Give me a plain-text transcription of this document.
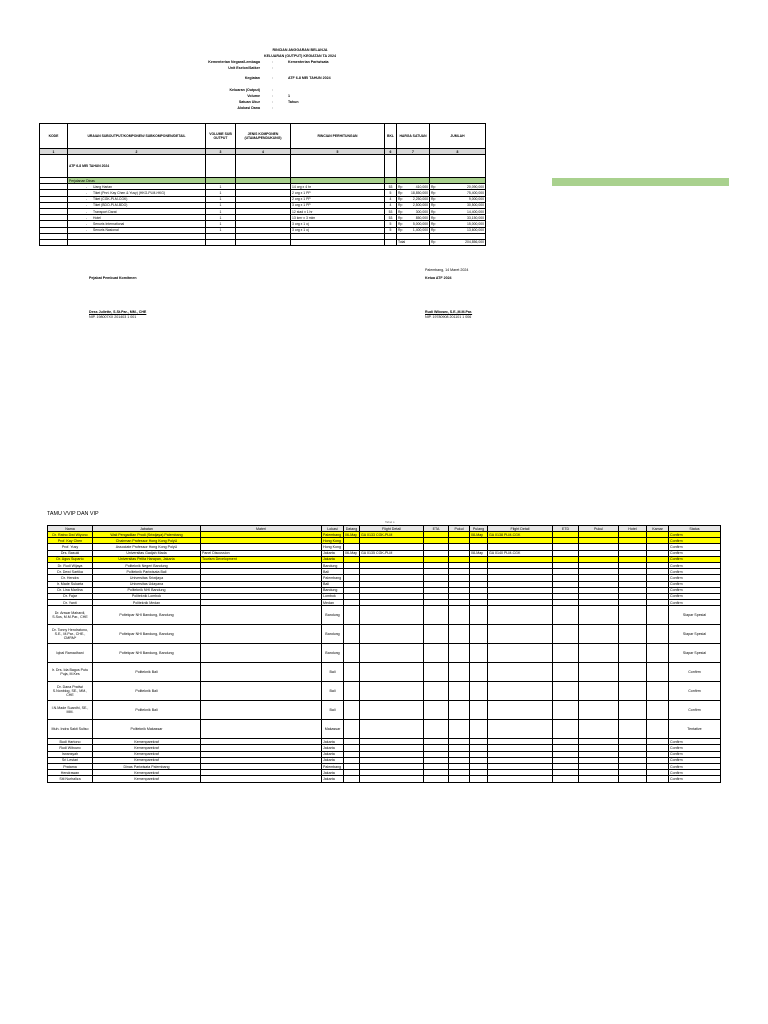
RINCIAN ANGGARAN BELANJA
KELUARAN (OUTPUT) KEGIATAN TA 2024
Kementerian Negara/Lembaga	:	Kementerian Pariwisata
Unit Eselon/Satker	:
Kegiatan	:	ATF 6-8 MEI TAHUN 2024
Keluaran (Output)	:
Volume	:	1
Satuan Ukur	:	Tahun
Alokasi Dana	:
KODE	URAIAN SUBOUTPUT/KOMPONEN/ SUBKOMPONEN/DETAIL	VOLUME SUB OUTPUT	JENIS KOMPONEN (UTAMA/PENDUKUNG)	RINCIAN PERHITUNGAN	BKL	HARGA SATUAN	JUMLAH
1	2	3	4	5	6	7	8
	ATF 6-8 MEI TAHUN 2024						
	Perjalanan Dinas						
	- Uang Harian	1		14 org x 4 hr	53	Rp 410,000	Rp 20,090,000

	- Tiket (Pnrt. Kay Chen & Yusy) (HKG-PLM-HKG)	1		2 org x 1 PP	5	Rp 18,850,000	Rp 75,400,000

	- Tiket (CGK-PLM-CGK)	1		2 org x 1 PP	4	Rp 2,250,000	Rp 9,000,000

	- Tiket (BDO-PLM-BDO)	1		3 org x 1 PP	4	Rp 2,500,000	Rp 30,500,000

	- Transport Darat	1		12 stad x 1 hr	53	Rp 300,000	Rp 14,400,000

	- Hotel	1		13 kmr x 3 mlm	53	Rp 850,000	Rp 33,150,000

	- Senuris International	1		3 org x 1 oj	5	Rp 5,000,000	Rp 15,000,000

	- Senuris Nasional	1		3 org x 1 oj	5	Rp 1,400,000	Rp 13,600,000

						Total	Rp 204,856,000
Palembang, 14 Maret 2024
Pejabat Pembuat Komitmen	Ketua ATF 2024
Dess Juliette, S.St.Par., MM., CHE
NIP. 198007XX 201403 1 001
Rudi Wibowo, S.E.,M.M.Par.
NIP. 19780908 201101 1 006
TAMU VVIP DAN VIP
Tabel s
Nama	Jabatan	Materi	Lokasi	Datang	Flight Detail	ETA	Pukul	Pulang	Flight Detail	ETD	Pukul	Hotel	Kamar	Status
Dr. Ratno Dwi Wiyono	Wali Pengadilan Prodi (Sriwijaya) Palembang		Palembang	06-May	GA 0133 CGK-PLM			08-May	GA 0138 PLM-CGK					Confirm
Prof. Kay Chen	Chairman Professor Hong Kong PolyU		Hong Kong											Confirm
Prof. Yusy	Associate Professor Hong Kong PolyU		Hong Kong											Confirm
Drs. Basuki	Universitas Gadjah Mada	Panel Discussion	Jakarta	06-May	GA 0135 CGK-PLM			08-May	GA 0140 PLM-CGK					Confirm
Dr. Agus Suparto	Universitas Pelita Harapan, Jakarta	Tourism Development	Jakarta											Confirm
Dr. Rudi Wijaya	Politeknik Negeri Bandung		Bandung											Confirm
Dr. Dewi Sartika	Politeknik Pariwisata Bali		Bali											Confirm
Dr. Hendra	Universitas Sriwijaya		Palembang											Confirm
Ir. Made Sukarta	Universitas Udayana		Bali											Confirm
Dr. Lina Marlina	Politeknik NHI Bandung		Bandung											Confirm
Dr. Fajar	Politeknik Lombok		Lombok											Confirm
Dr. Yanti	Politeknik Medan		Medan											Confirm
Dr. Anwar Mahardi, S.Sos, M.M.Par., CHE	Poltekpar NHI Bandung, Bandung		Bandung											Siapar Spesial
Dr. Tonny Hendratono, S.E., M.Par., CHE., CMRM*	Poltekpar NHI Bandung, Bandung		Bandung											Siapar Spesial
Iqbal Ramadhani	Poltekpar NHI Bandung, Bandung		Bandung											Siapar Spesial
Ir. Drs. Ida Bagus Putu Puja, M.Kes	Politeknik Bali		Bali											Confirm
Dr. Dana Pratiwi S.Nonblog, SE., MM., CHE	Politeknik Bali		Bali											Confirm
I.N.Made Suardhi, SE., MM.	Politeknik Bali		Bali											Confirm
Muh. Indra Sakti Suliso	Politeknik Makassar		Makassar											Tentative
Budi Hartono	Kemenparekraf		Jakarta											Confirm
Rudi Wibowo	Kemenparekraf		Jakarta											Confirm
Irwansyah	Kemenparekraf		Jakarta											Confirm
Sri Lestari	Kemenparekraf		Jakarta											Confirm
Pratama	Dinas Pariwisata Palembang		Palembang											Confirm
Hendrawan	Kemenparekraf		Jakarta											Confirm
Siti Nurhaliza	Kemenparekraf		Jakarta											Confirm
